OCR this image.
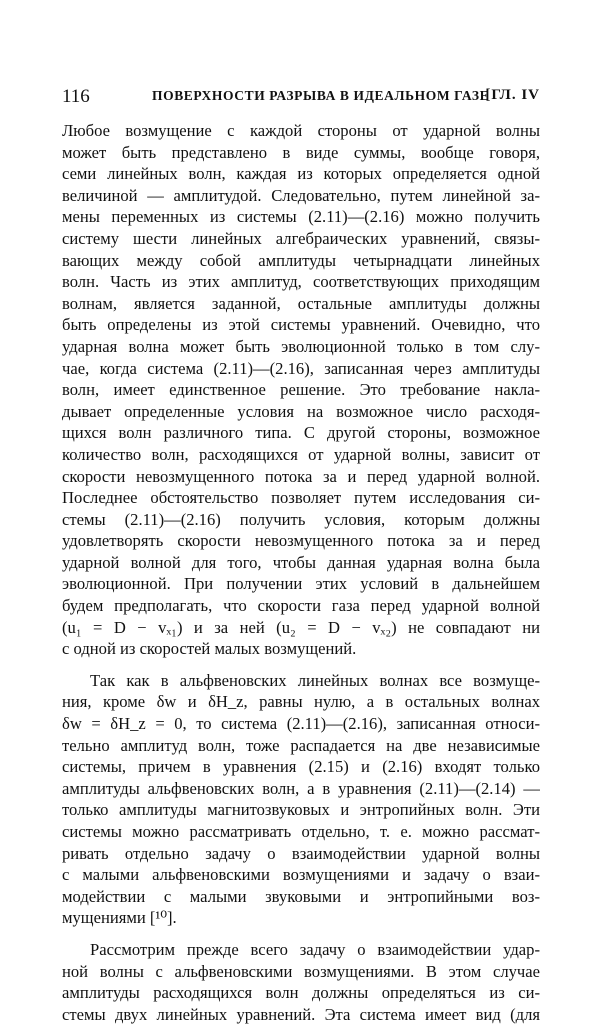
116	ПОВЕРХНОСТИ РАЗРЫВА В ИДЕАЛЬНОМ ГАЗЕ
[ГЛ. IV
Любое возмущение с каждой стороны от ударной волны
может быть представлено в виде суммы, вообще говоря,
семи линейных волн, каждая из которых определяется одной
величиной — амплитудой. Следовательно, путем линейной за-
мены переменных из системы (2.11)—(2.16) можно получить
систему шести линейных алгебраических уравнений, связы-
вающих между собой амплитуды четырнадцати линейных
волн. Часть из этих амплитуд, соответствующих приходящим
волнам, является заданной, остальные амплитуды должны
быть определены из этой системы уравнений. Очевидно, что
ударная волна может быть эволюционной только в том слу-
чае, когда система (2.11)—(2.16), записанная через амплитуды
волн, имеет единственное решение. Это требование накла-
дывает определенные условия на возможное число расходя-
щихся волн различного типа. С другой стороны, возможное
количество волн, расходящихся от ударной волны, зависит от
скорости невозмущенного потока за и перед ударной волной.
Последнее обстоятельство позволяет путем исследования си-
стемы (2.11)—(2.16) получить условия, которым должны
удовлетворять скорости невозмущенного потока за и перед
ударной волной для того, чтобы данная ударная волна была
эволюционной. При получении этих условий в дальнейшем
будем предполагать, что скорости газа перед ударной волной
(u₁ = D − vₓ₁) и за ней (u₂ = D − vₓ₂) не совпадают ни
с одной из скоростей малых возмущений.
Так как в альфвеновских линейных волнах все возмуще-
ния, кроме δw и δH_z, равны нулю, а в остальных волнах
δw = δH_z = 0, то система (2.11)—(2.16), записанная относи-
тельно амплитуд волн, тоже распадается на две независимые
системы, причем в уравнения (2.15) и (2.16) входят только
амплитуды альфвеновских волн, а в уравнения (2.11)—(2.14) —
только амплитуды магнитозвуковых и энтропийных волн. Эти
системы можно рассматривать отдельно, т. е. можно рассмат-
ривать отдельно задачу о взаимодействии ударной волны
с малыми альфвеновскими возмущениями и задачу о взаи-
модействии с малыми звуковыми и энтропийными воз-
мущениями [¹⁰].
Рассмотрим прежде всего задачу о взаимодействии удар-
ной волны с альфвеновскими возмущениями. В этом случае
амплитуды расходящихся волн должны определяться из си-
стемы двух линейных уравнений. Эта система имеет вид (для
